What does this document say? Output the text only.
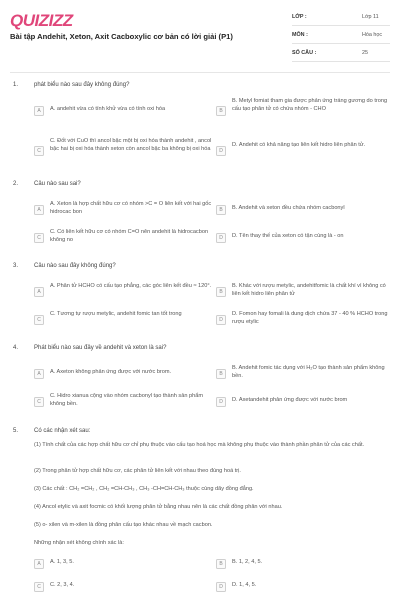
QUIZIZZ
Bài tập Andehit, Xeton, Axit Cacboxylic cơ bản có lời giải (P1)
LỚP :	Lớp 11
MÔN :	Hóa học
SỐ CÂU :	25
1.	phát biểu nào sau đây không đúng?
A	A. andehit vừa có tính khử vừa có tính oxi hóa	B
B. Metyl fomiat tham gia được phản ứng tráng gương do trong cấu tạo phân tử có chứa nhóm - CHO
C
C. Đốt với CuO thì ancol bậc một bị oxi hóa thành andehit , ancol bậc hai bị oxi hóa thành xeton còn ancol bậc ba không bị oxi hóa	D
D. Andehit có khả năng tạo liên kết hidro liên phân tử.
2.	Câu nào sau sai?
A
A. Xeton là hợp chất hữu cơ có nhóm >C = O liên kết với hai gốc hidrocac bon	B	B. Andehit và xeton đều chứa nhóm cacbonyl
C
C. Có liên kết hữu cơ có nhóm C=O nên andehit là hidrocacbon không no	D	D. Tên thay thế của xeton có tận cùng là - on
3.	Câu nào sau đây không đúng?
A
A. Phân tử HCHO có cấu tạo phẳng, các góc liên kết đều ≈ 120°.
B
B. Khác với rượu metylic, andehitfomic là chất khí vì không có liên kết hidro liên phân tử
C
C. Tương tự rượu metylic, andehit fomic tan tốt trong
D
D. Fomon hay fomali là dung dịch chứa 37 - 40 % HCHO trong rượu etylic
4.	Phát biểu nào sau đây về andehit và xeton là sai?
A	A. Axeton không phản ứng được với nước brom.	B
B. Andehit fomic tác dụng với H₂O tạo thành sản phẩm không bền.
C
C. Hidro xianua cộng vào nhóm cacbonyl tạo thành sản phẩm không bền.	D	D. Axetandehit phản ứng được với nước brom
5.	Có các nhận xét sau:
(1) Tính chất của các hợp chất hữu cơ chỉ phụ thuộc vào cấu tạo hoá học mà không phụ thuộc vào thành phần phân tử của các chất.
(2) Trong phân tử hợp chất hữu cơ, các phân tử liên kết với nhau theo đúng hoá trị.
(3) Các chất : CH₂ =CH₂ , CH₂ =CH-CH₃ , CH₃ -CH=CH-CH₃ thuộc cùng dãy đồng đẳng.
(4) Ancol etylic và axit focmic có khối lượng phân tử bằng nhau nên là các chất đồng phân với nhau.
(5) o- xilen và m-xilen là đồng phân cấu tạo khác nhau về mạch cacbon.
Những nhận xét không chính xác là:
A	A. 1, 3, 5.	B	B. 1, 2, 4, 5.
C	C. 2, 3, 4.	D	D. 1, 4, 5.
